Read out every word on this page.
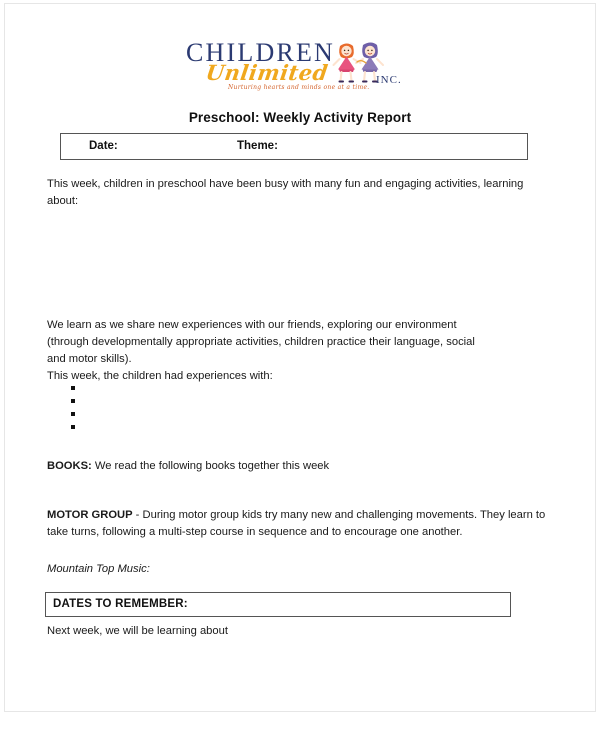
CHILDREN
Unlimited
Nurturing hearts and minds one at a time.
INC.
Preschool: Weekly Activity Report
Date:	Theme:
This week, children in preschool have been busy with many fun and engaging activities, learning about:
We learn as we share new experiences with our friends, exploring our environment
(through developmentally appropriate activities, children practice their language, social
and motor skills).
This week, the children had experiences with:
BOOKS: We read the following books together this week
MOTOR GROUP - During motor group kids try many new and challenging movements. They learn to take turns, following a multi-step course in sequence and to encourage one another.
Mountain Top Music:
DATES TO REMEMBER:
Next week, we will be learning about
